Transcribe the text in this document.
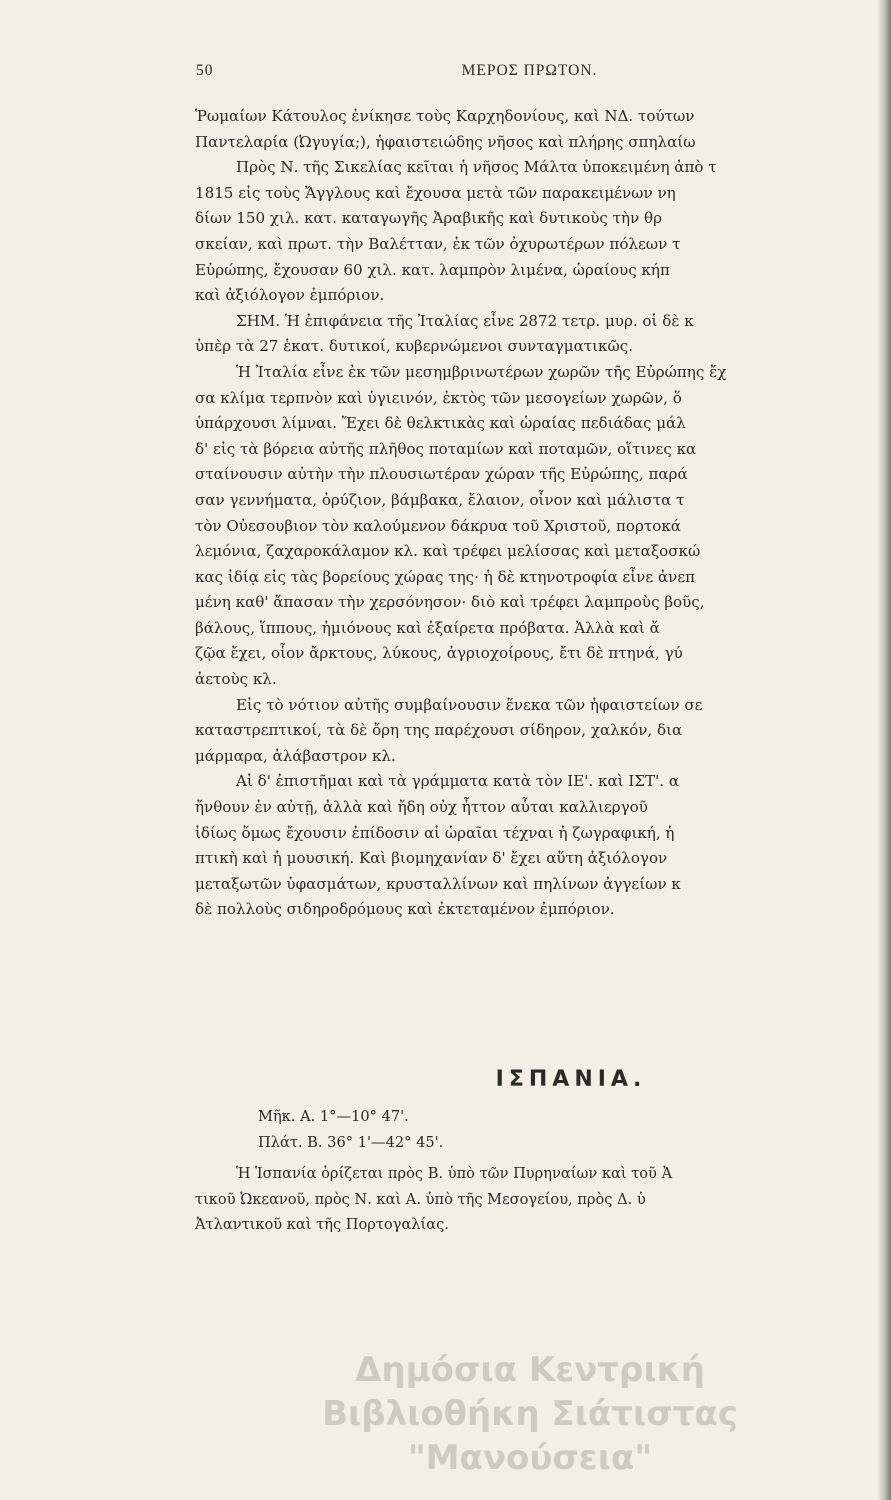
50	ΜΕΡΟΣ ΠΡΩΤΟΝ.
Ῥωμαίων Κάτουλος ἐνίκησε τοὺς Καρχηδονίους, καὶ ΝΔ. τούτων
Παντελαρία (Ὠγυγία;), ἡφαιστειώδης νῆσος καὶ πλήρης σπηλαίω
Πρὸς Ν. τῆς Σικελίας κεῖται ἡ νῆσος Μάλτα ὑποκειμένη ἀπὸ τ
1815 εἰς τοὺς Ἄγγλους καὶ ἔχουσα μετὰ τῶν παρακειμένων νη
δίων 150 χιλ. κατ. καταγωγῆς Ἀραβικῆς καὶ δυτικοὺς τὴν θρ
σκείαν, καὶ πρωτ. τὴν Βαλέτταν, ἐκ τῶν ὀχυρωτέρων πόλεων τ
Εὐρώπης, ἔχουσαν 60 χιλ. κατ. λαμπρὸν λιμένα, ὡραίους κήπ
καὶ ἀξιόλογον ἐμπόριον.
ΣΗΜ. Ἡ ἐπιφάνεια τῆς Ἰταλίας εἶνε 2872 τετρ. μυρ. οἱ δὲ κ
ὑπὲρ τὰ 27 ἑκατ. δυτικοί, κυβερνώμενοι συνταγματικῶς.
Ἡ Ἰταλία εἶνε ἐκ τῶν μεσημβρινωτέρων χωρῶν τῆς Εὐρώπης ἔχ
σα κλίμα τερπνὸν καὶ ὑγιεινόν, ἐκτὸς τῶν μεσογείων χωρῶν, ὅ
ὑπάρχουσι λίμναι. Ἔχει δὲ θελκτικὰς καὶ ὡραίας πεδιάδας μάλ
δ' εἰς τὰ βόρεια αὐτῆς πλῆθος ποταμίων καὶ ποταμῶν, οἵτινες κα
σταίνουσιν αὐτὴν τὴν πλουσιωτέραν χώραν τῆς Εὐρώπης, παρά
σαν γεννήματα, ὀρύζιον, βάμβακα, ἔλαιον, οἶνον καὶ μάλιστα τ
τὸν Οὐεσουβιον τὸν καλούμενον δάκρυα τοῦ Χριστοῦ, πορτοκά
λεμόνια, ζαχαροκάλαμον κλ. καὶ τρέφει μελίσσας καὶ μεταξοσκώ
κας ἰδίᾳ εἰς τὰς βορείους χώρας της· ἡ δὲ κτηνοτροφία εἶνε ἀνεπ
μένη καθ' ἅπασαν τὴν χερσόνησον· διὸ καὶ τρέφει λαμπροὺς βοῦς,
βάλους, ἵππους, ἡμιόνους καὶ ἐξαίρετα πρόβατα. Ἀλλὰ καὶ ἄ
ζῷα ἔχει, οἷον ἄρκτους, λύκους, ἀγριοχοίρους, ἔτι δὲ πτηνά, γύ
ἀετοὺς κλ.
Εἰς τὸ νότιον αὐτῆς συμβαίνουσιν ἕνεκα τῶν ἡφαιστείων σε
καταστρεπτικοί, τὰ δὲ ὄρη της παρέχουσι σίδηρον, χαλκόν, δια
μάρμαρα, ἀλάβαστρον κλ.
Αἱ δ' ἐπιστῆμαι καὶ τὰ γράμματα κατὰ τὸν ΙΕ'. καὶ ΙΣΤ'. α
ἤνθουν ἐν αὐτῇ, ἀλλὰ καὶ ἤδη οὐχ ἧττον αὗται καλλιεργοῦ
ἰδίως ὅμως ἔχουσιν ἐπίδοσιν αἱ ὡραῖαι τέχναι ἡ ζωγραφική, ἡ
πτικὴ καὶ ἡ μουσική. Καὶ βιομηχανίαν δ' ἔχει αὕτη ἀξιόλογον
μεταξωτῶν ὑφασμάτων, κρυσταλλίνων καὶ πηλίνων ἀγγείων κ
δὲ πολλοὺς σιδηροδρόμους καὶ ἐκτεταμένον ἐμπόριον.
ΙΣΠΑΝΙΑ.
Μῆκ. Α. 1°—10° 47'.
Πλάτ. Β. 36° 1'—42° 45'.
Ἡ Ἱσπανία ὁρίζεται πρὸς Β. ὑπὸ τῶν Πυρηναίων καὶ τοῦ Ἀ
τικοῦ Ὠκεανοῦ, πρὸς Ν. καὶ Α. ὑπὸ τῆς Μεσογείου, πρὸς Δ. ὑ
Ἀτλαντικοῦ καὶ τῆς Πορτογαλίας.
Δημόσια Κεντρική
Βιβλιοθήκη Σιάτιστας "Μανούσεια"
